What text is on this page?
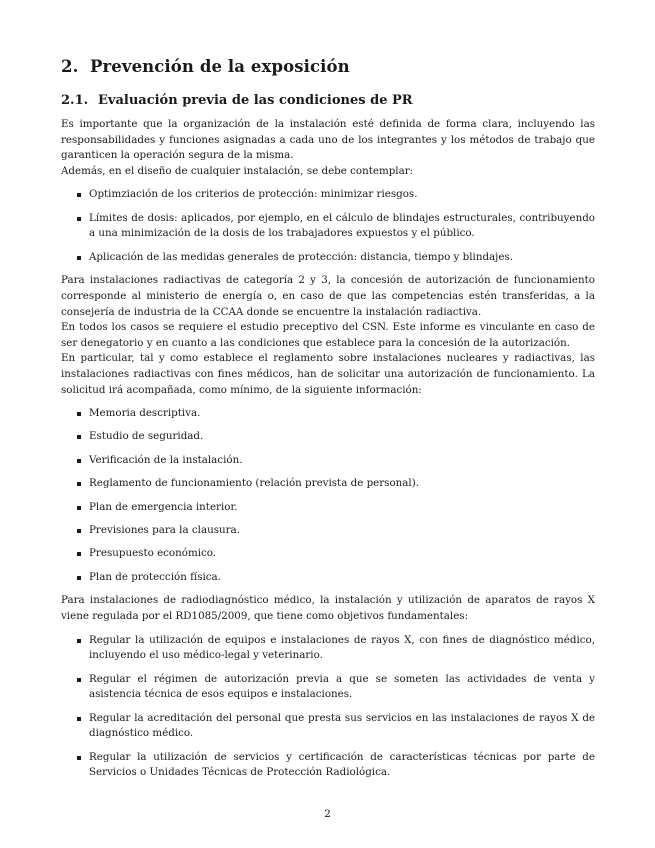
2. Prevención de la exposición
2.1. Evaluación previa de las condiciones de PR

Es importante que la organización de la instalación esté definida de forma clara, incluyendo las responsabilidades y funciones asignadas a cada uno de los integrantes y los métodos de trabajo que garanticen la operación segura de la misma.

Además, en el diseño de cualquier instalación, se debe contemplar:

Optimziación de los criterios de protección: minimizar riesgos.
Límites de dosis: aplicados, por ejemplo, en el cálculo de blindajes estructurales, contribuyendo a una minimización de la dosis de los trabajadores expuestos y el público.
Aplicación de las medidas generales de protección: distancia, tiempo y blindajes.

Para instalaciones radiactivas de categoría 2 y 3, la concesión de autorización de funcionamiento corresponde al ministerio de energía o, en caso de que las competencias estén transferidas, a la consejería de industria de la CCAA donde se encuentre la instalación radiactiva.

En todos los casos se requiere el estudio preceptivo del CSN. Este informe es vinculante en caso de ser denegatorio y en cuanto a las condiciones que establece para la concesión de la autorización.

En particular, tal y como establece el reglamento sobre instalaciones nucleares y radiactivas, las instalaciones radiactivas con fines médicos, han de solicitar una autorización de funcionamiento. La solicitud irá acompañada, como mínimo, de la siguiente información:

Memoria descriptiva.
Estudio de seguridad.
Verificación de la instalación.
Reglamento de funcionamiento (relación prevista de personal).
Plan de emergencia interior.
Previsiones para la clausura.
Presupuesto económico.
Plan de protección física.

Para instalaciones de radiodiagnóstico médico, la instalación y utilización de aparatos de rayos X viene regulada por el RD1085/2009, que tiene como objetivos fundamentales:

Regular la utilización de equipos e instalaciones de rayos X, con fines de diagnóstico médico, incluyendo el uso médico-legal y veterinario.
Regular el régimen de autorización previa a que se someten las actividades de venta y asistencia técnica de esos equipos e instalaciones.
Regular la acreditación del personal que presta sus servicios en las instalaciones de rayos X de diagnóstico médico.
Regular la utilización de servicios y certificación de características técnicas por parte de Servicios o Unidades Técnicas de Protección Radiológica.
2
